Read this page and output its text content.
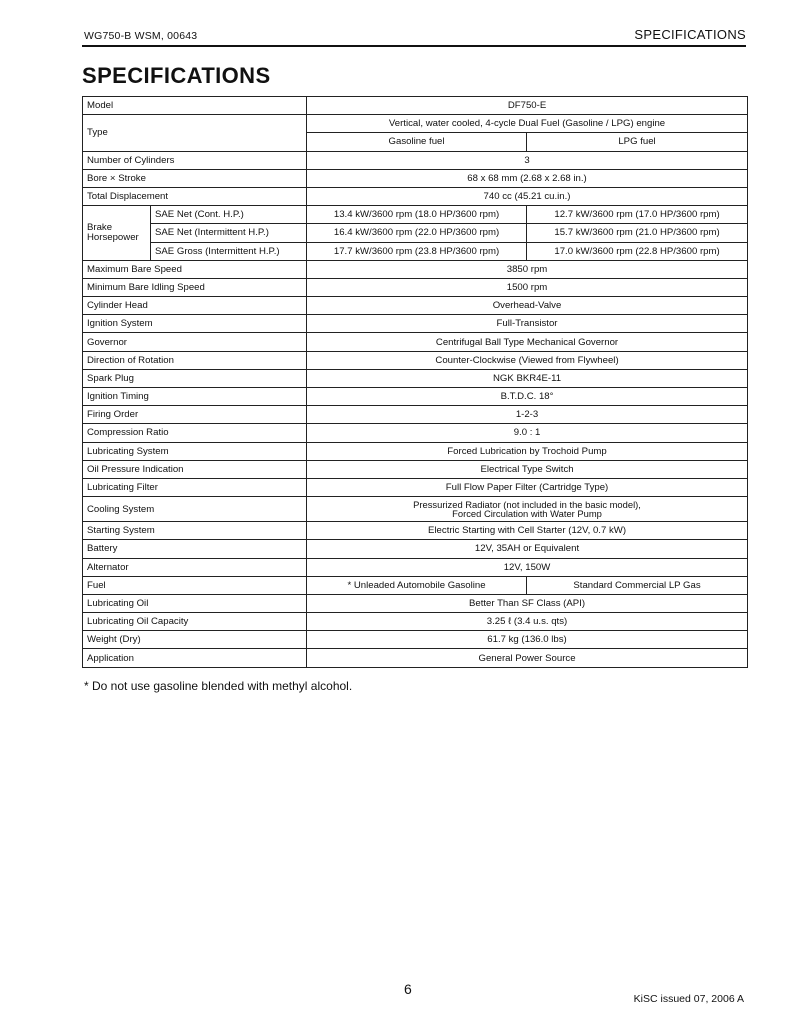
WG750-B WSM, 00643	SPECIFICATIONS
SPECIFICATIONS
Model		DF750-E	
Type		Vertical, water cooled, 4-cycle Dual Fuel (Gasoline / LPG) engine	
		Gasoline fuel	LPG fuel
Number of Cylinders		3	
Bore × Stroke		68 x 68 mm (2.68 x 2.68 in.)	
Total Displacement		740 cc (45.21 cu.in.)	
Brake Horsepower	SAE Net (Cont. H.P.)	13.4 kW/3600 rpm (18.0 HP/3600 rpm)	12.7 kW/3600 rpm (17.0 HP/3600 rpm)
	SAE Net (Intermittent H.P.)	16.4 kW/3600 rpm (22.0 HP/3600 rpm)	15.7 kW/3600 rpm (21.0 HP/3600 rpm)
	SAE Gross (Intermittent H.P.)	17.7 kW/3600 rpm (23.8 HP/3600 rpm)	17.0 kW/3600 rpm (22.8 HP/3600 rpm)
Maximum Bare Speed		3850 rpm	
Minimum Bare Idling Speed		1500 rpm	
Cylinder Head		Overhead-Valve	
Ignition System		Full-Transistor	
Governor		Centrifugal Ball Type Mechanical Governor	
Direction of Rotation		Counter-Clockwise (Viewed from Flywheel)	
Spark Plug		NGK BKR4E-11	
Ignition Timing		B.T.D.C. 18°	
Firing Order		1-2-3	
Compression Ratio		9.0 : 1	
Lubricating System		Forced Lubrication by Trochoid Pump	
Oil Pressure Indication		Electrical Type Switch	
Lubricating Filter		Full Flow Paper Filter (Cartridge Type)	
Cooling System		Pressurized Radiator (not included in the basic model),
Forced Circulation with Water Pump	

Starting System		Electric Starting with Cell Starter (12V, 0.7 kW)	
Battery		12V, 35AH or Equivalent	
Alternator		12V, 150W	
Fuel		* Unleaded Automobile Gasoline	Standard Commercial LP Gas
Lubricating Oil		Better Than SF Class (API)	
Lubricating Oil Capacity		3.25 ℓ (3.4 u.s. qts)	
Weight (Dry)		61.7 kg (136.0 lbs)	
Application		General Power Source	
* Do not use gasoline blended with methyl alcohol.
6
KiSC issued 07, 2006 A
